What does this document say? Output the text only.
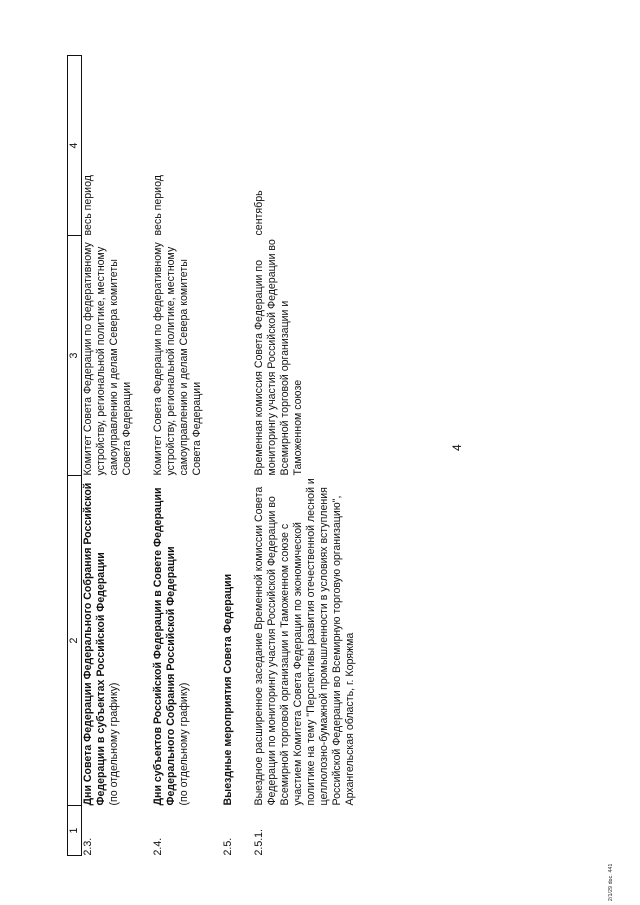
4
1	2	3	4
2.3.	Дни Совета Федерации Федерального Собрания Российской Федерации в субъектах Российской Федерации (по отдельному графику)	Комитет Совета Федерации по федеративному устройству, региональной политике, местному самоуправлению и делам Севера комитеты Совета Федерации	весь период

2.4.	Дни субъектов Российской Федерации в Совете Федерации Федерального Собрания Российской Федерации (по отдельному графику)	Комитет Совета Федерации по федеративному устройству, региональной политике, местному самоуправлению и делам Севера комитеты Совета Федерации	весь период

2.5.	Выездные мероприятия Совета Федерации		

2.5.1.	Выездное расширенное заседание Временной комиссии Совета Федерации по мониторингу участия Российской Федерации во Всемирной торговой организации и Таможенном союзе с участием Комитета Совета Федерации по экономической политике на тему "Перспективы развития отечественной лесной и целлюлозно-бумажной промышленности в условиях вступления Российской Федерации во Всемирную торговую организацию", Архангельская область, г. Коряжма	Временная комиссия Совета Федерации по мониторингу участия Российской Федерации во Всемирной торговой организации и Таможенном союзе	сентябрь
2/1/29 doc. 441
